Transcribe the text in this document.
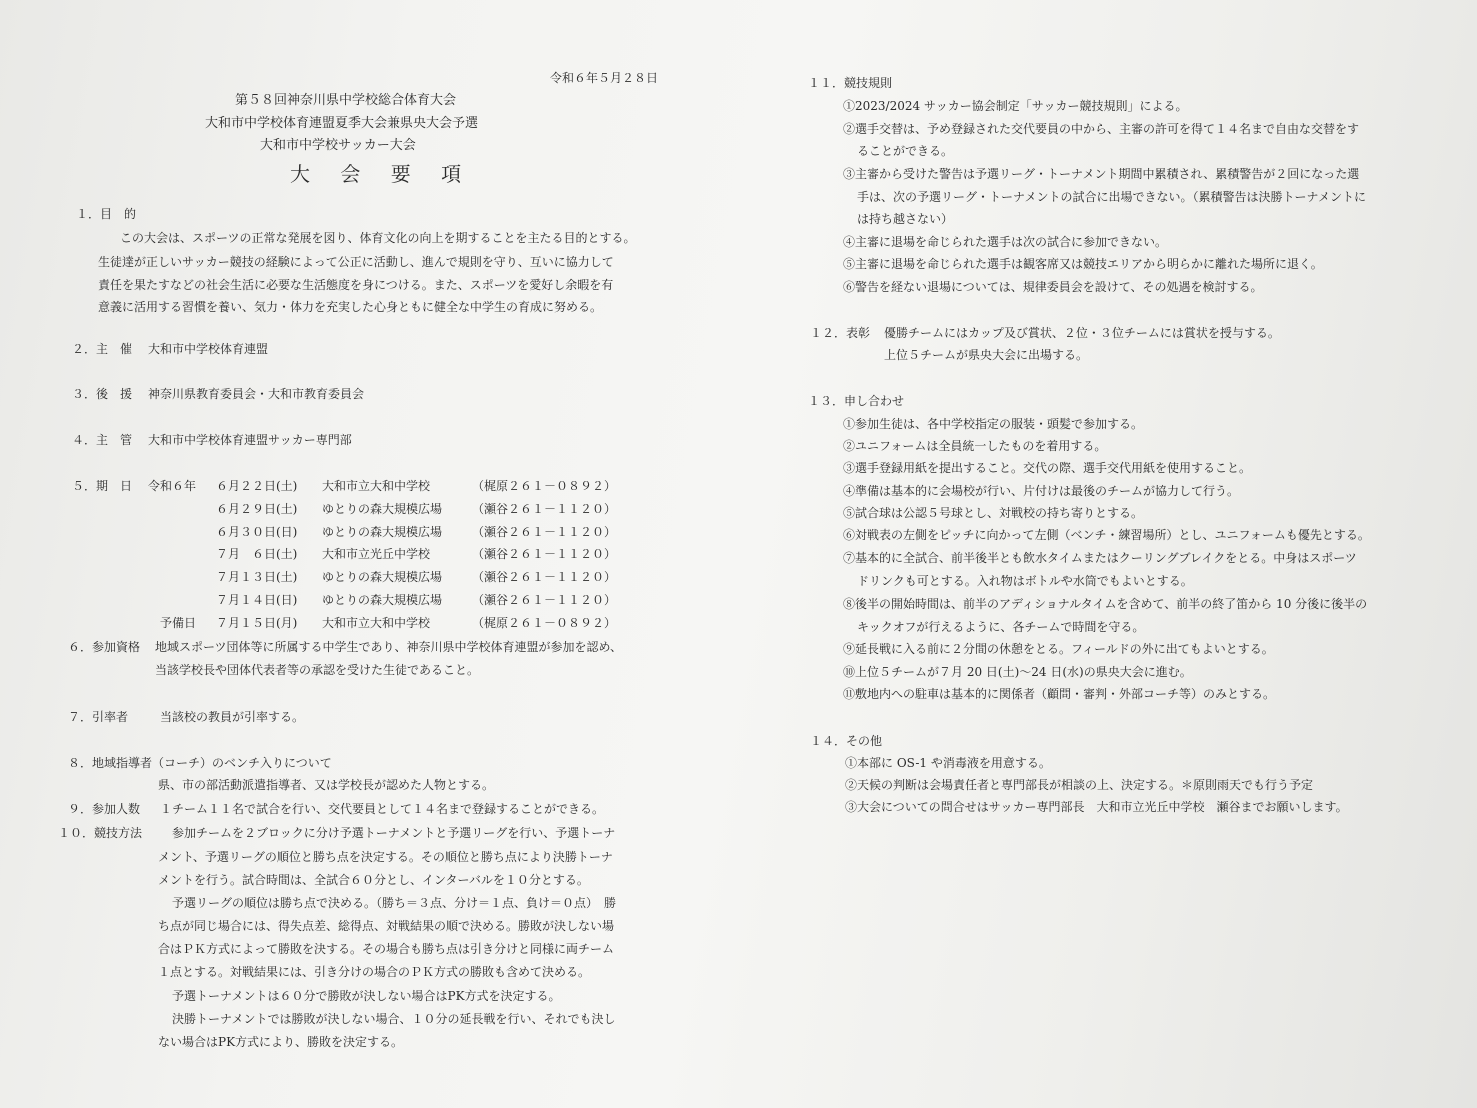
令和６年５月２８日
第５８回神奈川県中学校総合体育大会
大和市中学校体育連盟夏季大会兼県央大会予選
大和市中学校サッカー大会
大 会 要 項
１．目　的
この大会は、スポーツの正常な発展を図り、体育文化の向上を期することを主たる目的とする。
生徒達が正しいサッカー競技の経験によって公正に活動し、進んで規則を守り、互いに協力して
責任を果たすなどの社会生活に必要な生活態度を身につける。また、スポーツを愛好し余暇を有
意義に活用する習慣を養い、気力・体力を充実した心身ともに健全な中学生の育成に努める。
２．主　催 大和市中学校体育連盟
３．後　援 神奈川県教育委員会・大和市教育委員会
４．主　管 大和市中学校体育連盟サッカー専門部
５．期　日 令和６年 ６月２２日(土) 大和市立大和中学校	（梶原２６１－０８９２）
６月２９日(土) ゆとりの森大規模広場 （瀬谷２６１－１１２０）
６月３０日(日) ゆとりの森大規模広場 （瀬谷２６１－１１２０）
７月　６日(土) 大和市立光丘中学校	（瀬谷２６１－１１２０）
７月１３日(土) ゆとりの森大規模広場 （瀬谷２６１－１１２０）
７月１４日(日) ゆとりの森大規模広場 （瀬谷２６１－１１２０）
予備日 ７月１５日(月) 大和市立大和中学校	（梶原２６１－０８９２）
６．参加資格 地域スポーツ団体等に所属する中学生であり、神奈川県中学校体育連盟が参加を認め、
当該学校長や団体代表者等の承認を受けた生徒であること。
７．引率者	当該校の教員が引率する。
８．地域指導者（コーチ）のベンチ入りについて
県、市の部活動派遣指導者、又は学校長が認めた人物とする。
９．参加人数 １チーム１１名で試合を行い、交代要員として１４名まで登録することができる。
１０．競技方法 参加チームを２ブロックに分け予選トーナメントと予選リーグを行い、予選トーナ
メント、予選リーグの順位と勝ち点を決定する。その順位と勝ち点により決勝トーナ
メントを行う。試合時間は、全試合６０分とし、インターバルを１０分とする。
予選リーグの順位は勝ち点で決める。（勝ち＝３点、分け＝１点、負け＝０点）　勝
ち点が同じ場合には、得失点差、総得点、対戦結果の順で決める。勝敗が決しない場
合はＰＫ方式によって勝敗を決する。その場合も勝ち点は引き分けと同様に両チーム
１点とする。対戦結果には、引き分けの場合のＰＫ方式の勝敗も含めて決める。
予選トーナメントは６０分で勝敗が決しない場合はPK方式を決定する。
決勝トーナメントでは勝敗が決しない場合、１０分の延長戦を行い、それでも決し
ない場合はPK方式により、勝敗を決定する。
１１．競技規則
①2023/2024 サッカー協会制定「サッカー競技規則」による。
②選手交替は、予め登録された交代要員の中から、主審の許可を得て１４名まで自由な交替をす
ることができる。
③主審から受けた警告は予選リーグ・トーナメント期間中累積され、累積警告が２回になった選
手は、次の予選リーグ・トーナメントの試合に出場できない。（累積警告は決勝トーナメントに
は持ち越さない）
④主審に退場を命じられた選手は次の試合に参加できない。
⑤主審に退場を命じられた選手は観客席又は競技エリアから明らかに離れた場所に退く。
⑥警告を経ない退場については、規律委員会を設けて、その処遇を検討する。
１２．表彰 優勝チームにはカップ及び賞状、２位・３位チームには賞状を授与する。
上位５チームが県央大会に出場する。
１３．申し合わせ
①参加生徒は、各中学校指定の服装・頭髪で参加する。
②ユニフォームは全員統一したものを着用する。
③選手登録用紙を提出すること。交代の際、選手交代用紙を使用すること。
④準備は基本的に会場校が行い、片付けは最後のチームが協力して行う。
⑤試合球は公認５号球とし、対戦校の持ち寄りとする。
⑥対戦表の左側をピッチに向かって左側（ベンチ・練習場所）とし、ユニフォームも優先とする。
⑦基本的に全試合、前半後半とも飲水タイムまたはクーリングブレイクをとる。中身はスポーツ
ドリンクも可とする。入れ物はボトルや水筒でもよいとする。
⑧後半の開始時間は、前半のアディショナルタイムを含めて、前半の終了笛から 10 分後に後半の
キックオフが行えるように、各チームで時間を守る。
⑨延長戦に入る前に２分間の休憩をとる。フィールドの外に出てもよいとする。
⑩上位５チームが７月 20 日(土)～24 日(水)の県央大会に進む。
⑪敷地内への駐車は基本的に関係者（顧問・審判・外部コーチ等）のみとする。
１４．その他
①本部に OS-1 や消毒液を用意する。
②天候の判断は会場責任者と専門部長が相談の上、決定する。＊原則雨天でも行う予定
③大会についての問合せはサッカー専門部長　大和市立光丘中学校　瀬谷までお願いします。
